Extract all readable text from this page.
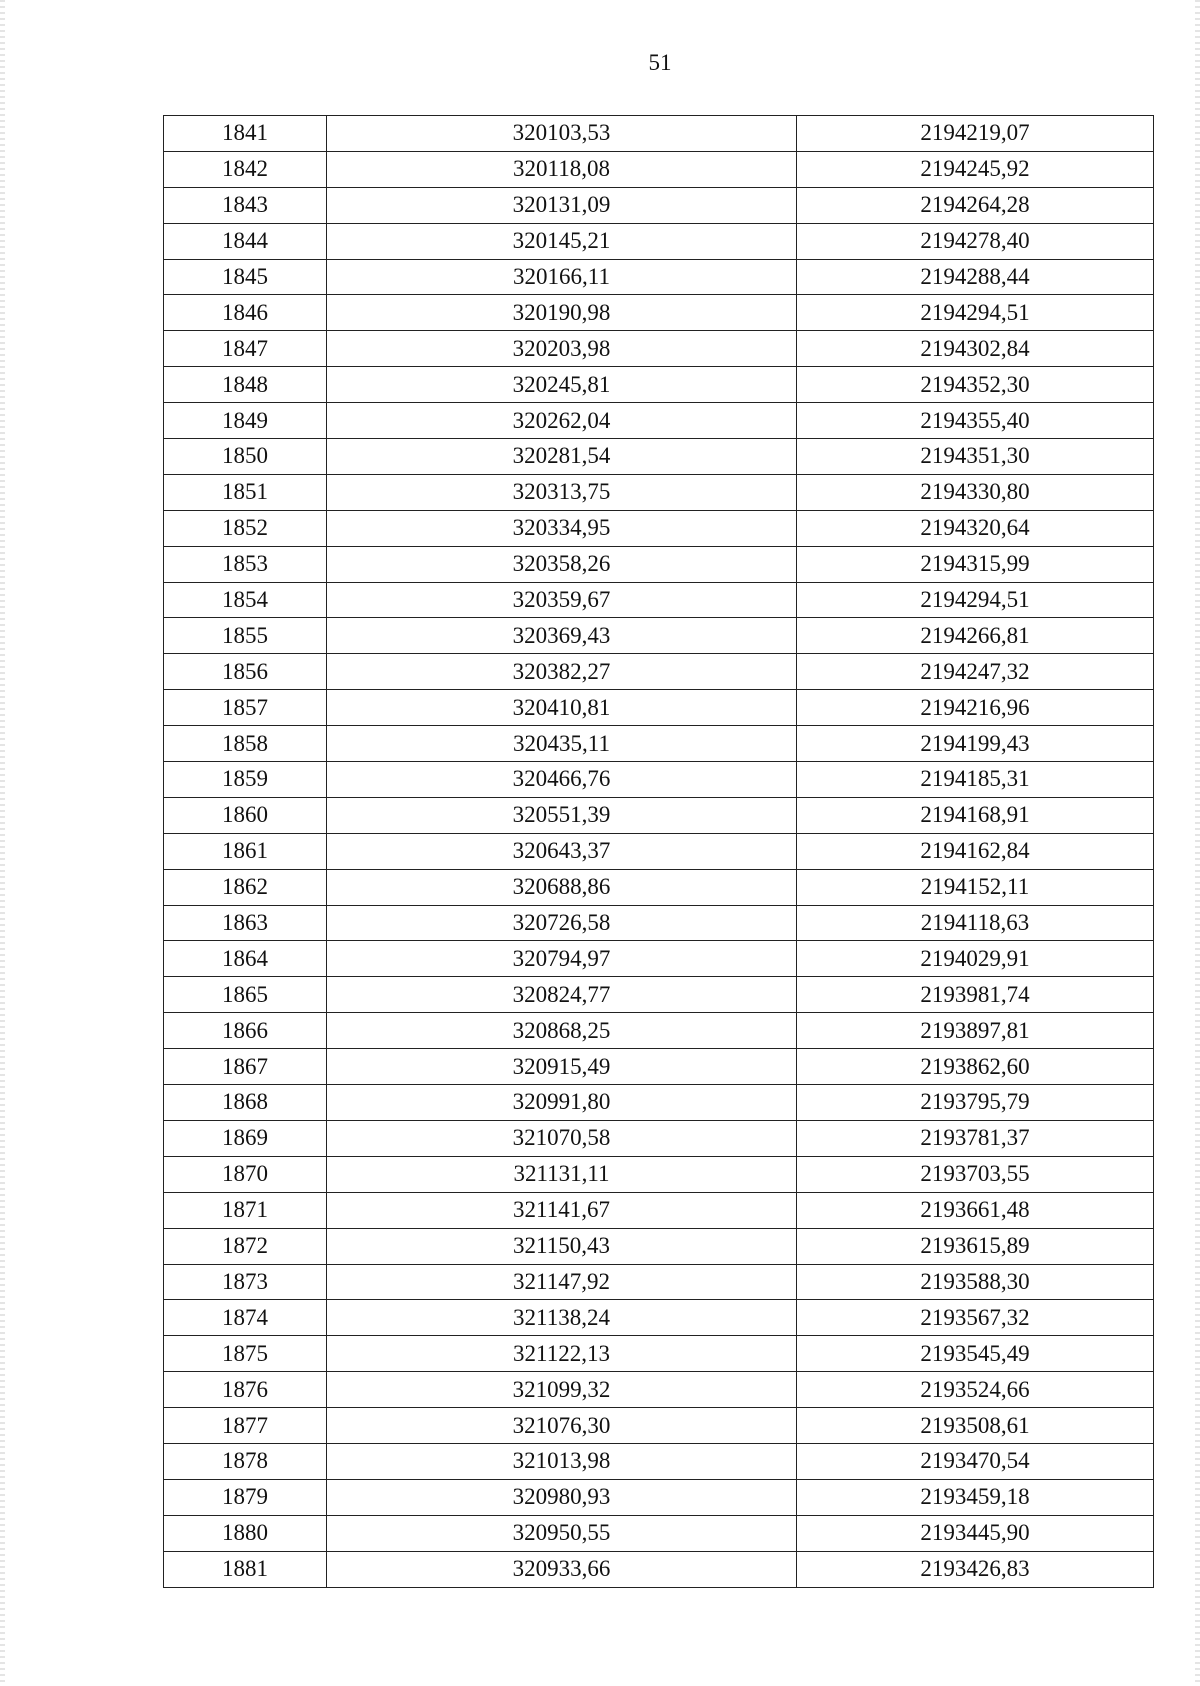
51
1841	320103,53	2194219,07
1842	320118,08	2194245,92
1843	320131,09	2194264,28
1844	320145,21	2194278,40
1845	320166,11	2194288,44
1846	320190,98	2194294,51
1847	320203,98	2194302,84
1848	320245,81	2194352,30
1849	320262,04	2194355,40
1850	320281,54	2194351,30
1851	320313,75	2194330,80
1852	320334,95	2194320,64
1853	320358,26	2194315,99
1854	320359,67	2194294,51
1855	320369,43	2194266,81
1856	320382,27	2194247,32
1857	320410,81	2194216,96
1858	320435,11	2194199,43
1859	320466,76	2194185,31
1860	320551,39	2194168,91
1861	320643,37	2194162,84
1862	320688,86	2194152,11
1863	320726,58	2194118,63
1864	320794,97	2194029,91
1865	320824,77	2193981,74
1866	320868,25	2193897,81
1867	320915,49	2193862,60
1868	320991,80	2193795,79
1869	321070,58	2193781,37
1870	321131,11	2193703,55
1871	321141,67	2193661,48
1872	321150,43	2193615,89
1873	321147,92	2193588,30
1874	321138,24	2193567,32
1875	321122,13	2193545,49
1876	321099,32	2193524,66
1877	321076,30	2193508,61
1878	321013,98	2193470,54
1879	320980,93	2193459,18
1880	320950,55	2193445,90
1881	320933,66	2193426,83
